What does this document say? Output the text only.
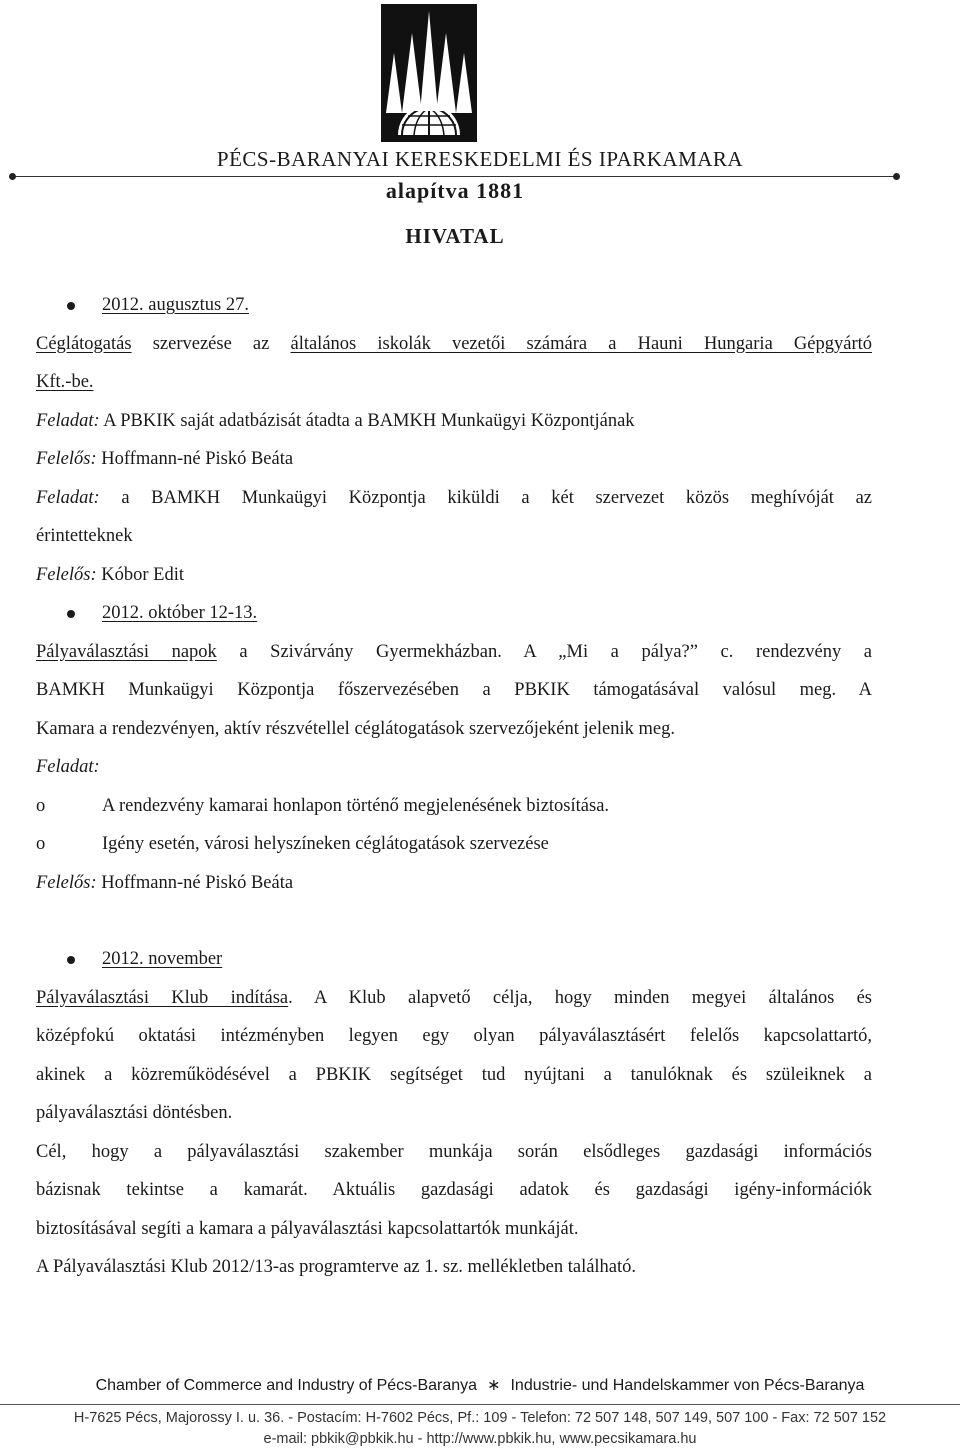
PÉCS-BARANYAI KERESKEDELMI ÉS IPARKAMARA
alapítva 1881
HIVATAL

2012. augusztus 27.

Céglátogatás szervezése az általános iskolák vezetői számára a Hauni Hungaria Gépgyártó

Kft.-be.

Feladat: A PBKIK saját adatbázisát átadta a BAMKH Munkaügyi Központjának

Felelős: Hoffmann-né Piskó Beáta

Feladat: a BAMKH Munkaügyi Központja kiküldi a két szervezet közös meghívóját az

érintetteknek

Felelős: Kóbor Edit

2012. október 12-13.

Pályaválasztási napok a Szivárvány Gyermekházban. A „Mi a pálya?” c. rendezvény a

BAMKH Munkaügyi Központja főszervezésében a PBKIK támogatásával valósul meg. A

Kamara a rendezvényen, aktív részvétellel céglátogatások szervezőjeként jelenik meg.

Feladat:

o	A rendezvény kamarai honlapon történő megjelenésének biztosítása.

o	Igény esetén, városi helyszíneken céglátogatások szervezése

Felelős: Hoffmann-né Piskó Beáta

2012. november

Pályaválasztási Klub indítása. A Klub alapvető célja, hogy minden megyei általános és

középfokú oktatási intézményben legyen egy olyan pályaválasztásért felelős kapcsolattartó,

akinek a közreműködésével a PBKIK segítséget tud nyújtani a tanulóknak és szüleiknek a

pályaválasztási döntésben.

Cél, hogy a pályaválasztási szakember munkája során elsődleges gazdasági információs

bázisnak tekintse a kamarát. Aktuális gazdasági adatok és gazdasági igény-információk

biztosításával segíti a kamara a pályaválasztási kapcsolattartók munkáját.

A Pályaválasztási Klub 2012/13-as programterve az 1. sz. mellékletben található.

Chamber of Commerce and Industry of Pécs-Baranya ∗ Industrie- und Handelskammer von Pécs-Baranya
H-7625 Pécs, Majorossy I. u. 36. - Postacím: H-7602 Pécs, Pf.: 109 - Telefon: 72 507 148, 507 149, 507 100 - Fax: 72 507 152
e-mail: pbkik@pbkik.hu - http://www.pbkik.hu, www.pecsikamara.hu
